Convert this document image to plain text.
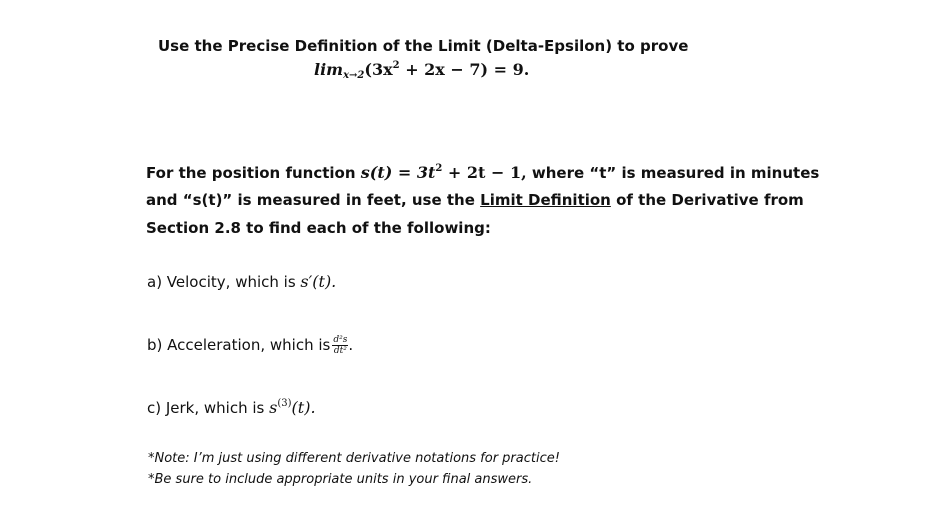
Use the Precise Definition of the Limit (Delta-Epsilon) to prove
$\lim_{x\to 2}(3x^2 + 2x - 7) = 9$.
For the position function $s(t) = 3t^2 + 2t - 1$, where “t” is measured in minutes
and “s(t)” is measured in feet, use the Limit Definition of the Derivative from
Section 2.8 to find each of the following:
a) Velocity, which is s′(t).
b) Acceleration, which is $\frac{\text{d²s}}{\text{dt²}}$ .
c) Jerk, which is $s^{(3)}(t)$.
*Note: I’m just using different derivative notations for practice!
*Be sure to include appropriate units in your final answers.
